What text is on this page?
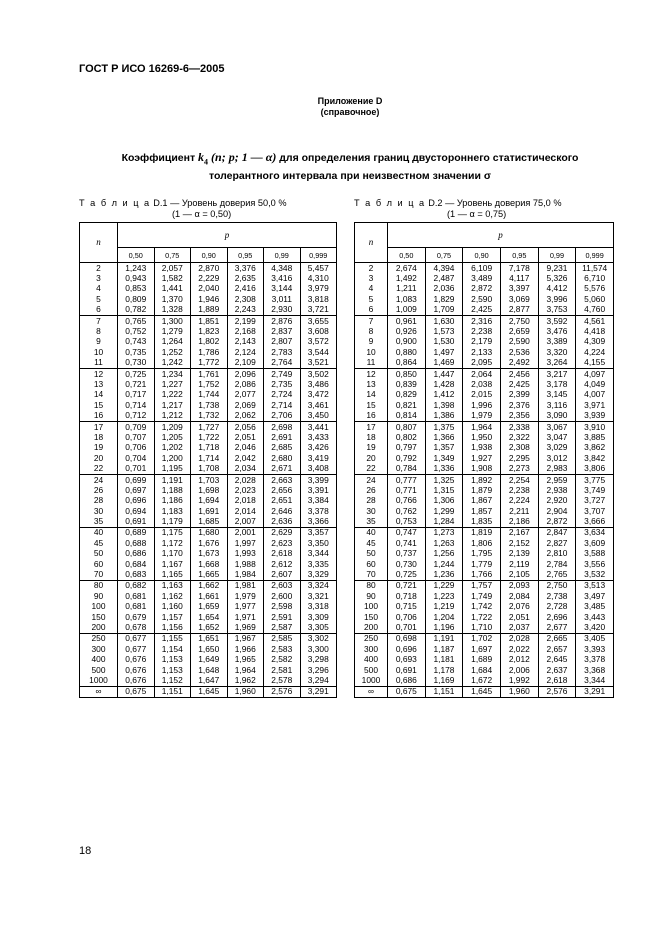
ГОСТ Р ИСО 16269-6—2005
Приложение D
(справочное)
Коэффициент $k_4$ (n; p; 1 — α) для определения границ двустороннего статистического
толерантного интервала при неизвестном значении σ
Т а б л и ц а D.1 — Уровень доверия 50,0 %
(1 — α = 0,50)
Т а б л и ц а D.2 — Уровень доверия 75,0 %
(1 — α = 0,75)
n	p					
	0,50	0,75	0,90	0,95	0,99	0,999
2	1,243	2,057	2,870	3,376	4,348	5,457
3	0,943	1,582	2,229	2,635	3,416	4,310
4	0,853	1,441	2,040	2,416	3,144	3,979
5	0,809	1,370	1,946	2,308	3,011	3,818
6	0,782	1,328	1,889	2,243	2,930	3,721
7	0,765	1,300	1,851	2,199	2,876	3,655
8	0,752	1,279	1,823	2,168	2,837	3,608
9	0,743	1,264	1,802	2,143	2,807	3,572
10	0,735	1,252	1,786	2,124	2,783	3,544
11	0,730	1,242	1,772	2,109	2,764	3,521
12	0,725	1,234	1,761	2,096	2,749	3,502
13	0,721	1,227	1,752	2,086	2,735	3,486
14	0,717	1,222	1,744	2,077	2,724	3,472
15	0,714	1,217	1,738	2,069	2,714	3,461
16	0,712	1,212	1,732	2,062	2,706	3,450
17	0,709	1,209	1,727	2,056	2,698	3,441
18	0,707	1,205	1,722	2,051	2,691	3,433
19	0,706	1,202	1,718	2,046	2,685	3,426
20	0,704	1,200	1,714	2,042	2,680	3,419
22	0,701	1,195	1,708	2,034	2,671	3,408
24	0,699	1,191	1,703	2,028	2,663	3,399
26	0,697	1,188	1,698	2,023	2,656	3,391
28	0,696	1,186	1,694	2,018	2,651	3,384
30	0,694	1,183	1,691	2,014	2,646	3,378
35	0,691	1,179	1,685	2,007	2,636	3,366
40	0,689	1,175	1,680	2,001	2,629	3,357
45	0,688	1,172	1,676	1,997	2,623	3,350
50	0,686	1,170	1,673	1,993	2,618	3,344
60	0,684	1,167	1,668	1,988	2,612	3,335
70	0,683	1,165	1,665	1,984	2,607	3,329
80	0,682	1,163	1,662	1,981	2,603	3,324
90	0,681	1,162	1,661	1,979	2,600	3,321
100	0,681	1,160	1,659	1,977	2,598	3,318
150	0,679	1,157	1,654	1,971	2,591	3,309
200	0,678	1,156	1,652	1,969	2,587	3,305
250	0,677	1,155	1,651	1,967	2,585	3,302
300	0,677	1,154	1,650	1,966	2,583	3,300
400	0,676	1,153	1,649	1,965	2,582	3,298
500	0,676	1,153	1,648	1,964	2,581	3,296
1000	0,676	1,152	1,647	1,962	2,578	3,294
∞	0,675	1,151	1,645	1,960	2,576	3,291
n	p					
	0,50	0,75	0,90	0,95	0,99	0,999
2	2,674	4,394	6,109	7,178	9,231	11,574
3	1,492	2,487	3,489	4,117	5,326	6,710
4	1,211	2,036	2,872	3,397	4,412	5,576
5	1,083	1,829	2,590	3,069	3,996	5,060
6	1,009	1,709	2,425	2,877	3,753	4,760
7	0,961	1,630	2,316	2,750	3,592	4,561
8	0,926	1,573	2,238	2,659	3,476	4,418
9	0,900	1,530	2,179	2,590	3,389	4,309
10	0,880	1,497	2,133	2,536	3,320	4,224
11	0,864	1,469	2,095	2,492	3,264	4,155
12	0,850	1,447	2,064	2,456	3,217	4,097
13	0,839	1,428	2,038	2,425	3,178	4,049
14	0,829	1,412	2,015	2,399	3,145	4,007
15	0,821	1,398	1,996	2,376	3,116	3,971
16	0,814	1,386	1,979	2,356	3,090	3,939
17	0,807	1,375	1,964	2,338	3,067	3,910
18	0,802	1,366	1,950	2,322	3,047	3,885
19	0,797	1,357	1,938	2,308	3,029	3,862
20	0,792	1,349	1,927	2,295	3,012	3,842
22	0,784	1,336	1,908	2,273	2,983	3,806
24	0,777	1,325	1,892	2,254	2,959	3,775
26	0,771	1,315	1,879	2,238	2,938	3,749
28	0,766	1,306	1,867	2,224	2,920	3,727
30	0,762	1,299	1,857	2,211	2,904	3,707
35	0,753	1,284	1,835	2,186	2,872	3,666
40	0,747	1,273	1,819	2,167	2,847	3,634
45	0,741	1,263	1,806	2,152	2,827	3,609
50	0,737	1,256	1,795	2,139	2,810	3,588
60	0,730	1,244	1,779	2,119	2,784	3,556
70	0,725	1,236	1,766	2,105	2,765	3,532
80	0,721	1,229	1,757	2,093	2,750	3,513
90	0,718	1,223	1,749	2,084	2,738	3,497
100	0,715	1,219	1,742	2,076	2,728	3,485
150	0,706	1,204	1,722	2,051	2,696	3,443
200	0,701	1,196	1,710	2,037	2,677	3,420
250	0,698	1,191	1,702	2,028	2,665	3,405
300	0,696	1,187	1,697	2,022	2,657	3,393
400	0,693	1,181	1,689	2,012	2,645	3,378
500	0,691	1,178	1,684	2,006	2,637	3,368
1000	0,686	1,169	1,672	1,992	2,618	3,344
∞	0,675	1,151	1,645	1,960	2,576	3,291
18
